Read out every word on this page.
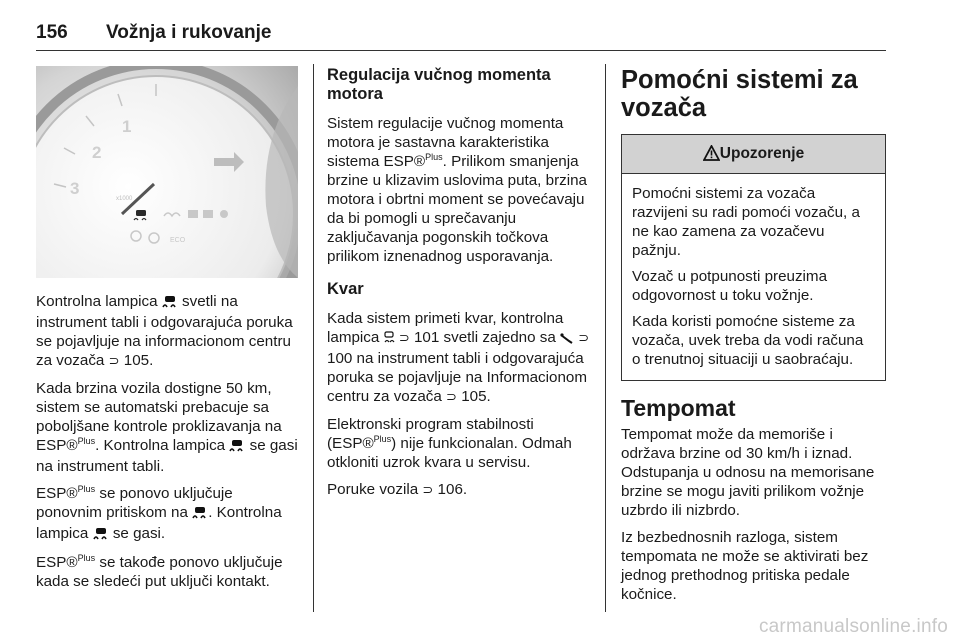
156 Vožnja i rukovanje
3
2
1
x1000
ECO

Kontrolna lampica svetli na instrument tabli i odgovarajuća poruka se pojavljuje na informacionom centru za vozača ⊃ 105.

Kada brzina vozila dostigne 50 km, sistem se automatski prebacuje sa poboljšane kontrole proklizavanja na ESP®$^{Plus}$. Kontrolna lampica se gasi na instrument tabli.

ESP®$^{Plus}$ se ponovo uključuje ponovnim pritiskom na . Kontrolna lampica se gasi.

ESP®$^{Plus}$ se takođe ponovo uključuje kada se sledeći put uključi kontakt.

Regulacija vučnog momenta motora

Sistem regulacije vučnog momenta motora je sastavna karakteristika sistema ESP®$^{Plus}$. Prilikom smanjenja brzine u klizavim uslovima puta, brzina motora i obrtni moment se povećavaju da bi pomogli u sprečavanju zaključavanja pogonskih točkova prilikom iznenadnog usporavanja.

Kvar

Kada sistem primeti kvar, kontrolna lampica ⊃ 101 svetli zajedno sa ⊃ 100 na instrument tabli i odgovarajuća poruka se pojavljuje na Informacionom centru za vozača ⊃ 105.

Elektronski program stabilnosti (ESP®$^{Plus}$) nije funkcionalan. Odmah otkloniti uzrok kvara u servisu.

Poruke vozila ⊃ 106.

Pomoćni sistemi za vozača
Upozorenje

Pomoćni sistemi za vozača razvijeni su radi pomoći vozaču, a ne kao zamena za vozačevu pažnju.

Vozač u potpunosti preuzima odgovornost u toku vožnje.

Kada koristi pomoćne sisteme za vozača, uvek treba da vodi računa o trenutnoj situaciji u saobraćaju.

Tempomat

Tempomat može da memoriše i održava brzine od 30 km/h i iznad. Odstupanja u odnosu na memorisane brzine se mogu javiti prilikom vožnje uzbrdo ili nizbrdo.

Iz bezbednosnih razloga, sistem tempomata ne može se aktivirati bez jednog prethodnog pritiska pedale kočnice.

carmanualsonline.info
